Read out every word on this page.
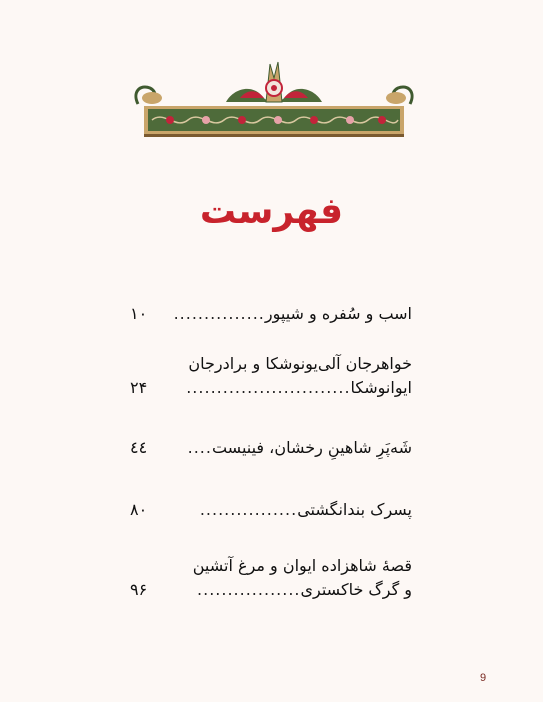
فهرست
اسب و سُفره و شیپور
...............
۱۰
خواهرجان آلی‌یونوشکا و برادرجان
ایوانوشکا
...........................
۲۴
شَه‌پَرِ شاهینِ رخشان، فینیست
....
٤٤
پسرک بندانگشتی
................
۸۰
قصهٔ شاهزاده ایوان و مرغ آتشین
و گرگ خاکستری
.................
۹۶
9
